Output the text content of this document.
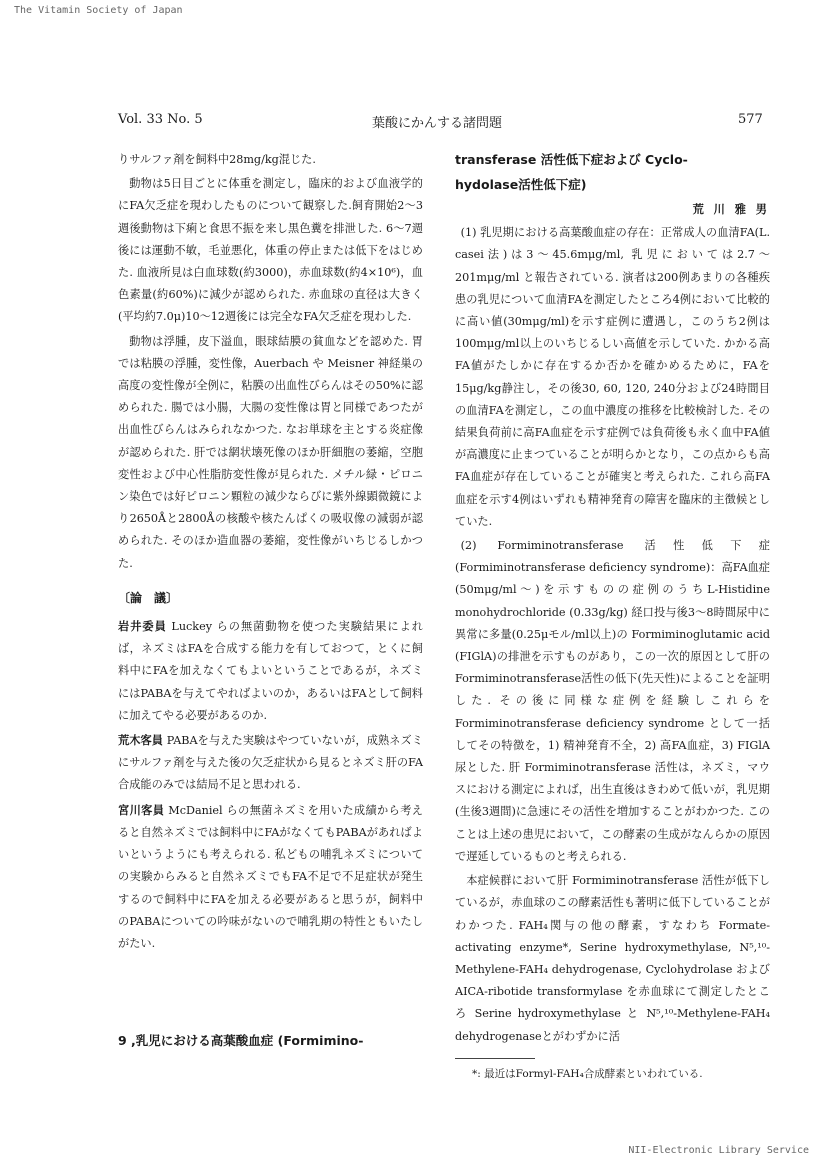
The Vitamin Society of Japan
Vol. 33 No. 5	葉酸にかんする諸問題	577

りサルファ剤を飼料中28mg/kg混じた.

動物は5日目ごとに体重を測定し，臨床的および血液学的にFA欠乏症を現わしたものについて観察した.飼育開始2～3週後動物は下痢と食思不振を来し黒色糞を排泄した. 6～7週後には運動不敏，毛並悪化，体重の停止または低下をはじめた. 血液所見は白血球数(約3000)，赤血球数(約4×10⁶)，血色素量(約60%)に減少が認められた. 赤血球の直径は大きく(平均約7.0μ)10～12週後には完全なFA欠乏症を現わした.

動物は浮腫，皮下溢血，眼球結膜の貧血などを認めた. 胃では粘膜の浮腫，変性像，Auerbach や Meisner 神経巣の高度の変性像が全例に，粘膜の出血性びらんはその50%に認められた. 腸では小腸，大腸の変性像は胃と同様であつたが出血性びらんはみられなかつた. なお単球を主とする炎症像が認められた. 肝では網状壊死像のほか肝細胞の萎縮，空胞変性および中心性脂肪変性像が見られた. メチル緑・ピロニン染色では好ピロニン顆粒の減少ならびに紫外線顕微鏡により2650Åと2800Åの核酸や核たんぱくの吸収像の減弱が認められた. そのほか造血器の萎縮，変性像がいちじるしかつた.

〔論　議〕

岩井委員 Luckey らの無菌動物を使つた実験結果によれば，ネズミはFAを合成する能力を有しておつて，とくに飼料中にFAを加えなくてもよいということであるが，ネズミにはPABAを与えてやればよいのか，あるいはFAとして飼料に加えてやる必要があるのか.

荒木客員 PABAを与えた実験はやつていないが，成熟ネズミにサルファ剤を与えた後の欠乏症状から見るとネズミ肝のFA合成能のみでは結局不足と思われる.

宮川客員 McDaniel らの無菌ネズミを用いた成績から考えると自然ネズミでは飼料中にFAがなくてもPABAがあればよいというようにも考えられる. 私どもの哺乳ネズミについての実験からみると自然ネズミでもFA不足で不足症状が発生するので飼料中にFAを加える必要があると思うが，飼料中のPABAについての吟味がないので哺乳期の特性ともいたしがたい.

9 ,乳児における高葉酸血症 (Formimino-

transferase 活性低下症および Cyclo-

hydolase活性低下症)

荒 川 雅 男

(1) 乳児期における高葉酸血症の存在：正常成人の血清FA(L. casei法)は3～45.6mμg/ml, 乳児においては2.7～201mμg/ml と報告されている. 演者は200例あまりの各種疾患の乳児について血清FAを測定したところ4例において比較的に高い値(30mμg/ml)を示す症例に遭遇し，このうち2例は100mμg/ml以上のいちじるしい高値を示していた. かかる高FA値がたしかに存在するか否かを確かめるために，FAを15μg/kg静注し，その後30, 60, 120, 240分および24時間目の血清FAを測定し，この血中濃度の推移を比較検討した. その結果負荷前に高FA血症を示す症例では負荷後も永く血中FA値が高濃度に止まつていることが明らかとなり，この点からも高FA血症が存在していることが確実と考えられた. これら高FA血症を示す4例はいずれも精神発育の障害を臨床的主徴候としていた.

(2) Formiminotransferase 活性低下症 (Formiminotransferase deficiency syndrome)：高FA血症 (50mμg/ml～)を示すものの症例のうちL-Histidine monohydrochloride (0.33g/kg) 経口投与後3～8時間尿中に異常に多量(0.25μモル/ml以上)の Formiminoglutamic acid (FIGlA)の排泄を示すものがあり，この一次的原因として肝の Formiminotransferase活性の低下(先天性)によることを証明した. その後に同様な症例を経験しこれらを Formiminotransferase deficiency syndrome として一括してその特徴を，1) 精神発育不全，2) 高FA血症，3) FIGlA尿とした. 肝 Formiminotransferase 活性は，ネズミ，マウスにおける測定によれば，出生直後はきわめて低いが，乳児期(生後3週間)に急速にその活性を増加することがわかつた. このことは上述の患児において，この酵素の生成がなんらかの原因で遅延しているものと考えられる.

本症候群において肝 Formiminotransferase 活性が低下しているが，赤血球のこの酵素活性も著明に低下していることがわかつた. FAH₄関与の他の酵素，すなわち Formate-activating enzyme*, Serine hydroxymethylase, N⁵,¹⁰-Methylene-FAH₄ dehydrogenase, Cyclohydrolase および AICA-ribotide transformylase を赤血球にて測定したところ Serine hydroxymethylase と N⁵,¹⁰-Methylene-FAH₄ dehydrogenaseとがわずかに活

*: 最近はFormyl-FAH₄合成酵素といわれている.
NII-Electronic Library Service
